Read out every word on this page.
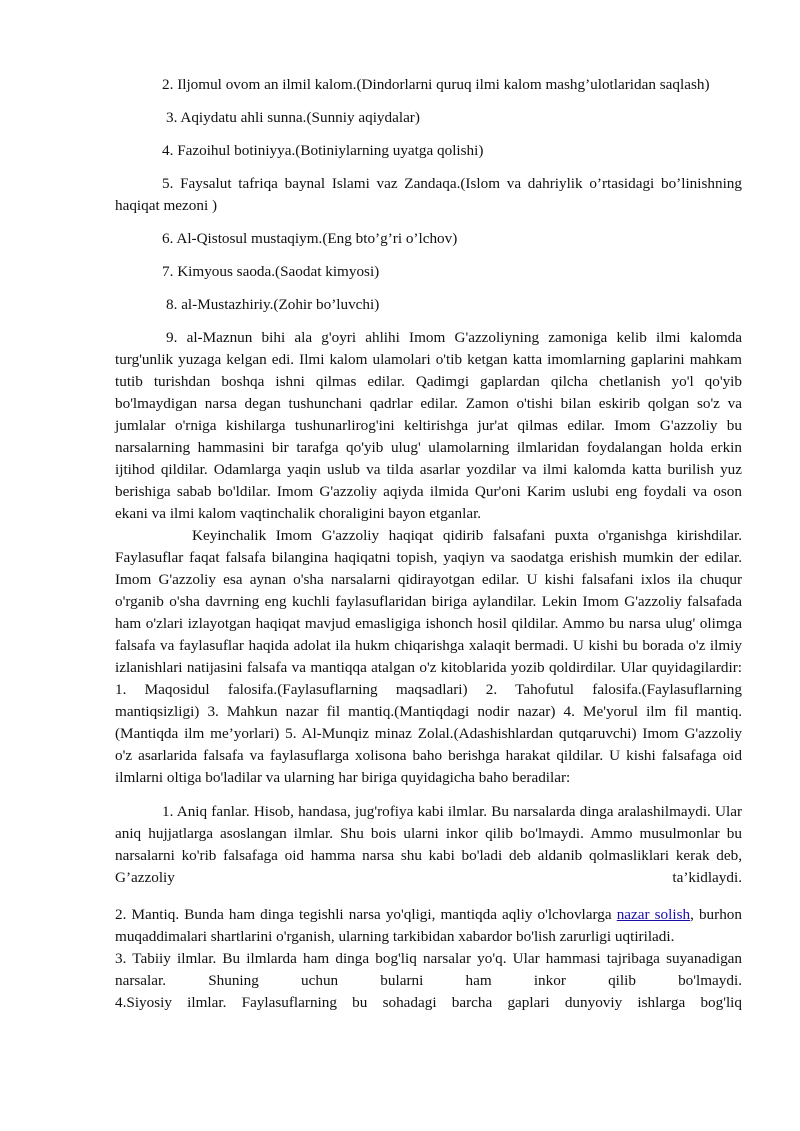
2. Iljomul ovom an ilmil kalom.(Dindorlarni quruq ilmi kalom mashg’ulotlaridan saqlash)

3. Aqiydatu ahli sunna.(Sunniy aqiydalar)

4. Fazoihul botiniyya.(Botiniylarning uyatga qolishi)

5. Faysalut tafriqa baynal Islami vaz Zandaqa.(Islom va dahriylik o’rtasidagi bo’linishning haqiqat mezoni )

6. Al-Qistosul mustaqiym.(Eng bto’g’ri o’lchov)

7. Kimyous saoda.(Saodat kimyosi)

8. al-Mustazhiriy.(Zohir bo’luvchi)

9. al-Maznun bihi ala g'oyri ahlihi Imom G'azzoliyning zamoniga kelib ilmi kalomda turg'unlik yuzaga kelgan edi. Ilmi kalom ulamolari o'tib ketgan katta imomlarning gaplarini mahkam tutib turishdan boshqa ishni qilmas edilar. Qadimgi gaplardan qilcha chetlanish yo'l qo'yib bo'lmaydigan narsa degan tushunchani qadrlar edilar. Zamon o'tishi bilan eskirib qolgan so'z va jumlalar o'rniga kishilarga tushunarlirog'ini keltirishga jur'at qilmas edilar. Imom G'azzoliy bu narsalarning hammasini bir tarafga qo'yib ulug' ulamolarning ilmlaridan foydalangan holda erkin ijtihod qildilar. Odamlarga yaqin uslub va tilda asarlar yozdilar va ilmi kalomda katta burilish yuz berishiga sabab bo'ldilar. Imom G'azzoliy aqiyda ilmida Qur'oni Karim uslubi eng foydali va oson ekani va ilmi kalom vaqtinchalik choraligini bayon etganlar.

Keyinchalik Imom G'azzoliy haqiqat qidirib falsafani puxta o'rganishga kirishdilar. Faylasuflar faqat falsafa bilangina haqiqatni topish, yaqiyn va saodatga erishish mumkin der edilar. Imom G'azzoliy esa aynan o'sha narsalarni qidirayotgan edilar. U kishi falsafani ixlos ila chuqur o'rganib o'sha davrning eng kuchli faylasuflaridan biriga aylandilar. Lekin Imom G'azzoliy falsafada ham o'zlari izlayotgan haqiqat mavjud emasligiga ishonch hosil qildilar. Ammo bu narsa ulug' olimga falsafa va faylasuflar haqida adolat ila hukm chiqarishga xalaqit bermadi. U kishi bu borada o'z ilmiy izlanishlari natijasini falsafa va mantiqqa atalgan o'z kitoblarida yozib qoldirdilar. Ular quyidagilardir: 1. Maqosidul falosifa.(Faylasuflarning maqsadlari) 2. Tahofutul falosifa.(Faylasuflarning mantiqsizligi) 3. Mahkun nazar fil mantiq.(Mantiqdagi nodir nazar) 4. Me'yorul ilm fil mantiq.(Mantiqda ilm me’yorlari) 5. Al-Munqiz minaz Zolal.(Adashishlardan qutqaruvchi) Imom G'azzoliy o'z asarlarida falsafa va faylasuflarga xolisona baho berishga harakat qildilar. U kishi falsafaga oid ilmlarni oltiga bo'ladilar va ularning har biriga quyidagicha baho beradilar:

1. Aniq fanlar. Hisob, handasa, jug'rofiya kabi ilmlar. Bu narsalarda dinga aralashilmaydi. Ular aniq hujjatlarga asoslangan ilmlar. Shu bois ularni inkor qilib bo'lmaydi. Ammo musulmonlar bu narsalarni ko'rib falsafaga oid hamma narsa shu kabi bo'ladi deb aldanib qolmasliklari kerak deb, G’azzoliy ta’kidlaydi.

2. Mantiq. Bunda ham dinga tegishli narsa yo'qligi, mantiqda aqliy o'lchovlarga nazar solish, burhon muqaddimalari shartlarini o'rganish, ularning tarkibidan xabardor bo'lish zarurligi uqtiriladi.

3. Tabiiy ilmlar. Bu ilmlarda ham dinga bog'liq narsalar yo'q. Ular hammasi tajribaga suyanadigan narsalar. Shuning uchun bularni ham inkor qilib bo'lmaydi.

4.Siyosiy ilmlar. Faylasuflarning bu sohadagi barcha gaplari dunyoviy ishlarga bog'liq
